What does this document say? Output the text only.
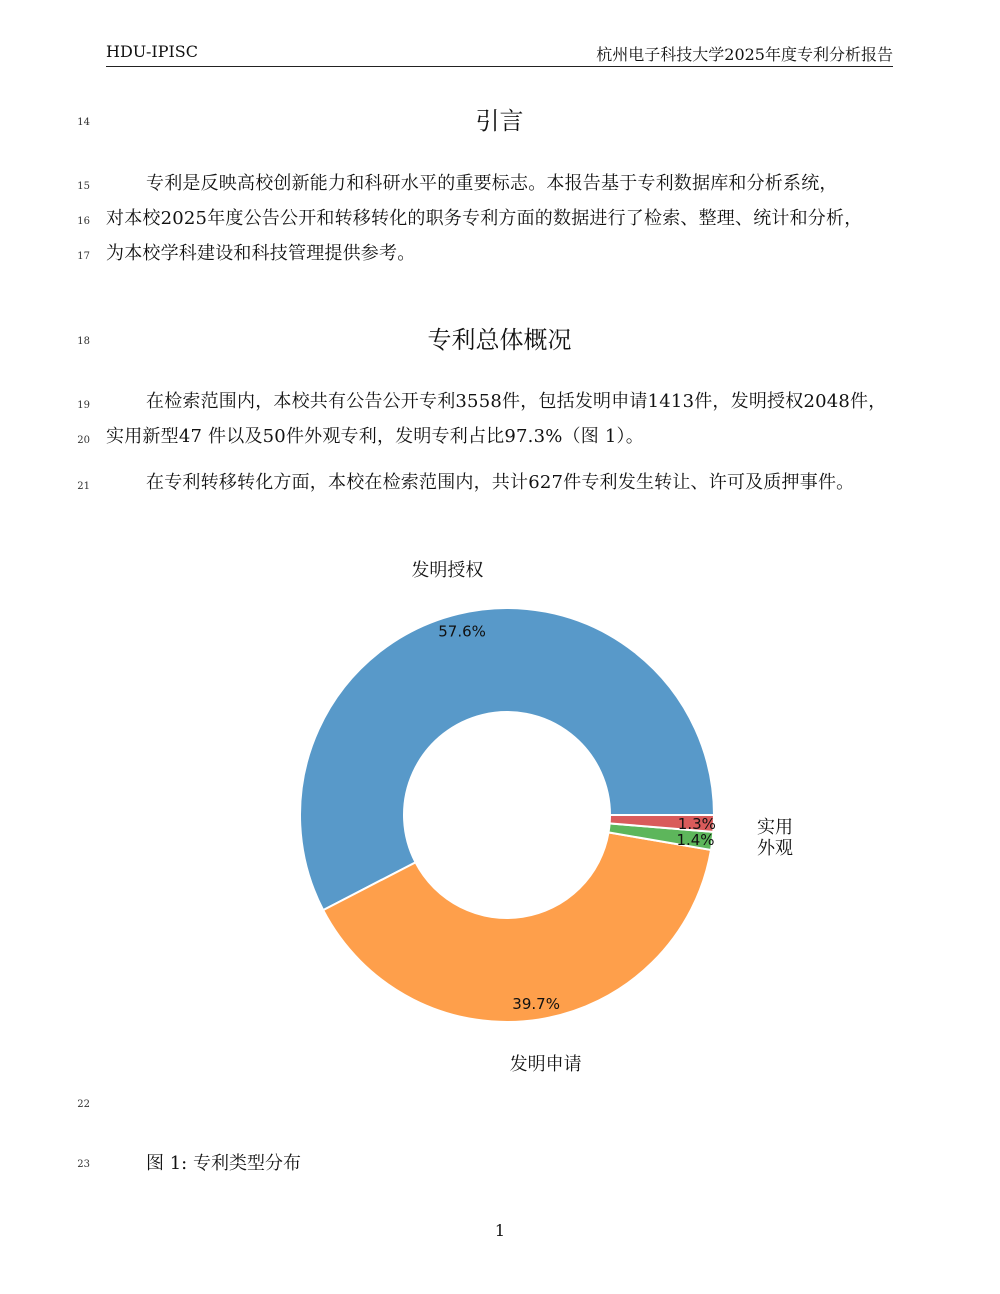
HDU-IPISC	杭州电子科技大学2025年度专利分析报告
14	引言
15
16
17
专利是反映高校创新能力和科研水平的重要标志。本报告基于专利数据库和分析系统，
对本校2025年度公告公开和转移转化的职务专利方面的数据进行了检索、整理、统计和分析，
为本校学科建设和科技管理提供参考。
18	专利总体概况
19
20
在检索范围内，本校共有公告公开专利3558件，包括发明申请1413件，发明授权2048件，
实用新型47 件以及50件外观专利，发明专利占比97.3%（图 1）。
21	在专利转移转化方面，本校在检索范围内，共计627件专利发生转让、许可及质押事件。
57.6%
发明授权
39.7%
发明申请
1.4% 外观
1.3% 实用
22
23	图 1: 专利类型分布
1
